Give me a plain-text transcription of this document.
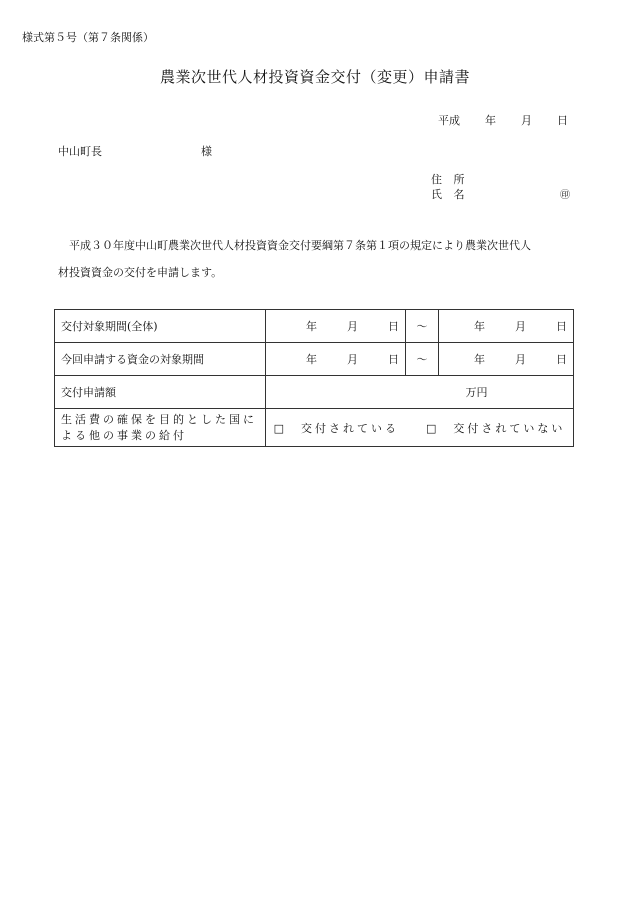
様式第５号（第７条関係）
農業次世代人材投資資金交付（変更）申請書
平成 年 月 日
中山町長	様
住 所
氏 名	㊞

平成３０年度中山町農業次世代人材投資資金交付要綱第７条第１項の規定により農業次世代人

材投資資金の交付を申請します。
交付対象期間(全体)	年 月 日	～	年 月 日
今回申請する資金の対象期間	年 月 日	～	年 月 日
交付申請額	万円		
生活費の確保を目的とした国による他の事業の給付	□　交付されている □　交付されていない		
